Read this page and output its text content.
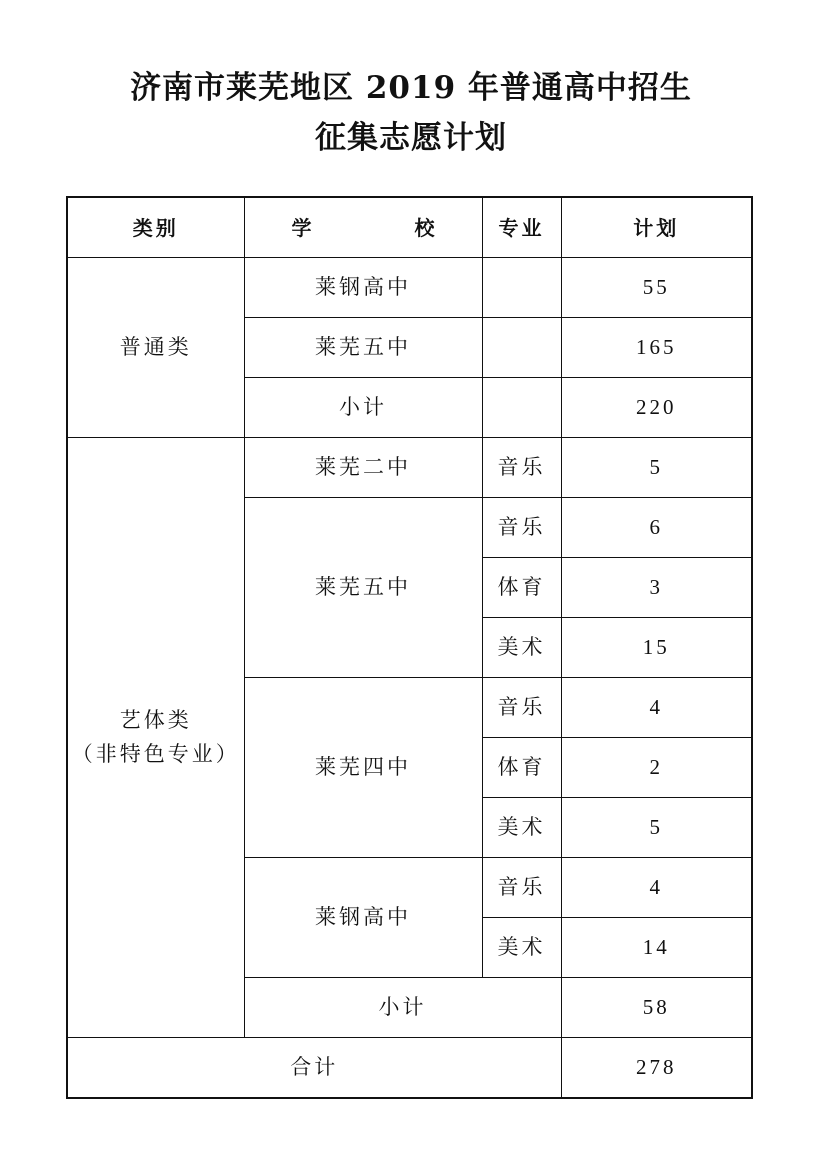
济南市莱芜地区 2019 年普通高中招生
征集志愿计划
类别	学 校	专业	计划
普通类	莱钢高中		55
	莱芜五中		165
	小计		220

艺体类
（非特色专业）	莱芜二中	音乐	5
	莱芜五中	音乐	6
		体育	3
		美术	15
	莱芜四中	音乐	4
		体育	2
		美术	5
	莱钢高中	音乐	4
		美术	14
	小计		58
合计			278
